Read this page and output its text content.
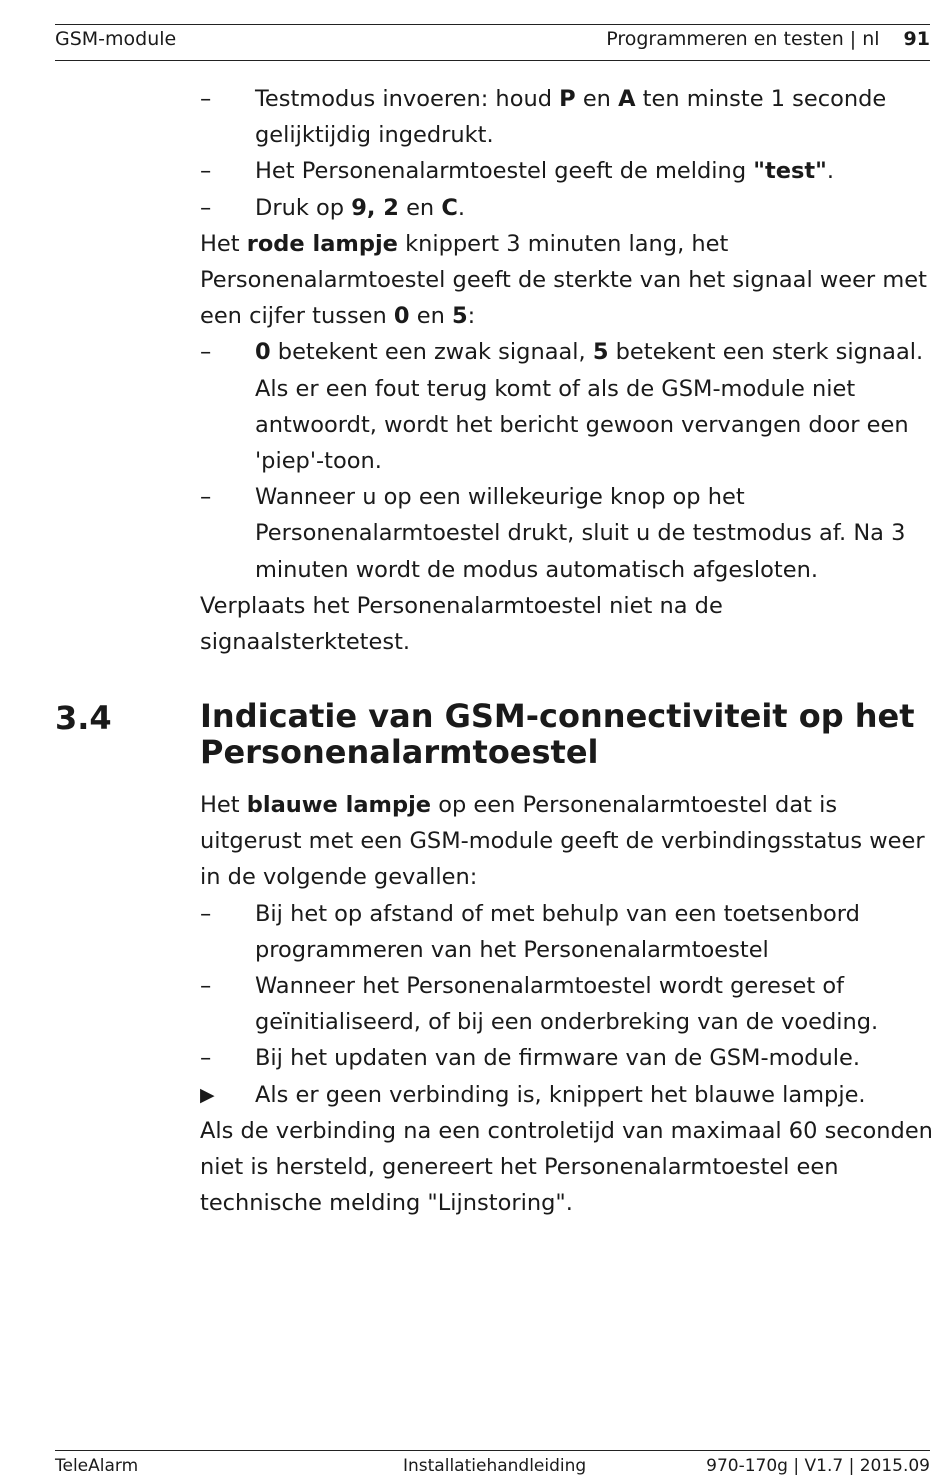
GSM-module	Programmeren en testen | nl 91
– Testmodus invoeren: houd P en A ten minste 1 seconde gelijktijdig ingedrukt.
– Het Personenalarmtoestel geeft de melding "test".
– Druk op 9, 2 en C.

Het rode lampje knippert 3 minuten lang, het Personenalarmtoestel geeft de sterkte van het signaal weer met een cijfer tussen 0 en 5:

– 0 betekent een zwak signaal, 5 betekent een sterk signaal. Als er een fout terug komt of als de GSM-module niet antwoordt, wordt het bericht gewoon vervangen door een 'piep'-toon.
– Wanneer u op een willekeurige knop op het Personenalarmtoestel drukt, sluit u de testmodus af. Na 3 minuten wordt de modus automatisch afgesloten.

Verplaats het Personenalarmtoestel niet na de signaalsterktetest.

3.4	Indicatie van GSM-connectiviteit op het Personenalarmtoestel

Het blauwe lampje op een Personenalarmtoestel dat is uitgerust met een GSM-module geeft de verbindingsstatus weer in de volgende gevallen:

– Bij het op afstand of met behulp van een toetsenbord programmeren van het Personenalarmtoestel
– Wanneer het Personenalarmtoestel wordt gereset of geïnitialiseerd, of bij een onderbreking van de voeding.
– Bij het updaten van de firmware van de GSM-module.
▶ Als er geen verbinding is, knippert het blauwe lampje.

Als de verbinding na een controletijd van maximaal 60 seconden niet is hersteld, genereert het Personenalarmtoestel een technische melding "Lijnstoring".

TeleAlarm	Installatiehandleiding	970-170g | V1.7 | 2015.09
